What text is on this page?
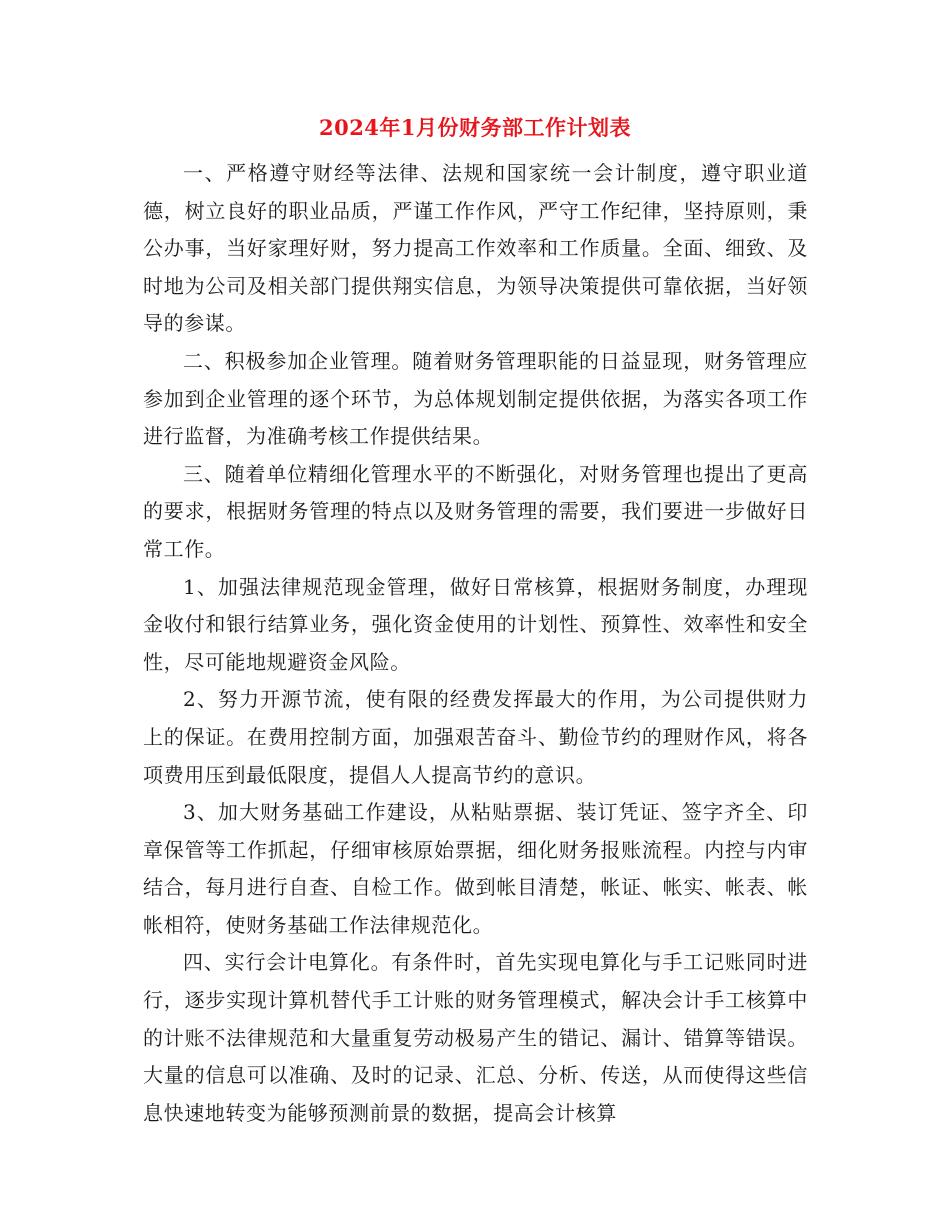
2024年1月份财务部工作计划表

一、严格遵守财经等法律、法规和国家统一会计制度，遵守职业道德，树立良好的职业品质，严谨工作作风，严守工作纪律，坚持原则，秉公办事，当好家理好财，努力提高工作效率和工作质量。全面、细致、及时地为公司及相关部门提供翔实信息，为领导决策提供可靠依据，当好领导的参谋。

二、积极参加企业管理。随着财务管理职能的日益显现，财务管理应参加到企业管理的逐个环节，为总体规划制定提供依据，为落实各项工作进行监督，为准确考核工作提供结果。

三、随着单位精细化管理水平的不断强化，对财务管理也提出了更高的要求，根据财务管理的特点以及财务管理的需要，我们要进一步做好日常工作。

1、加强法律规范现金管理，做好日常核算，根据财务制度，办理现金收付和银行结算业务，强化资金使用的计划性、预算性、效率性和安全性，尽可能地规避资金风险。

2、努力开源节流，使有限的经费发挥最大的作用，为公司提供财力上的保证。在费用控制方面，加强艰苦奋斗、勤俭节约的理财作风，将各项费用压到最低限度，提倡人人提高节约的意识。

3、加大财务基础工作建设，从粘贴票据、装订凭证、签字齐全、印章保管等工作抓起，仔细审核原始票据，细化财务报账流程。内控与内审结合，每月进行自查、自检工作。做到帐目清楚，帐证、帐实、帐表、帐帐相符，使财务基础工作法律规范化。

四、实行会计电算化。有条件时，首先实现电算化与手工记账同时进行，逐步实现计算机替代手工计账的财务管理模式，解决会计手工核算中的计账不法律规范和大量重复劳动极易产生的错记、漏计、错算等错误。大量的信息可以准确、及时的记录、汇总、分析、传送，从而使得这些信息快速地转变为能够预测前景的数据，提高会计核算
